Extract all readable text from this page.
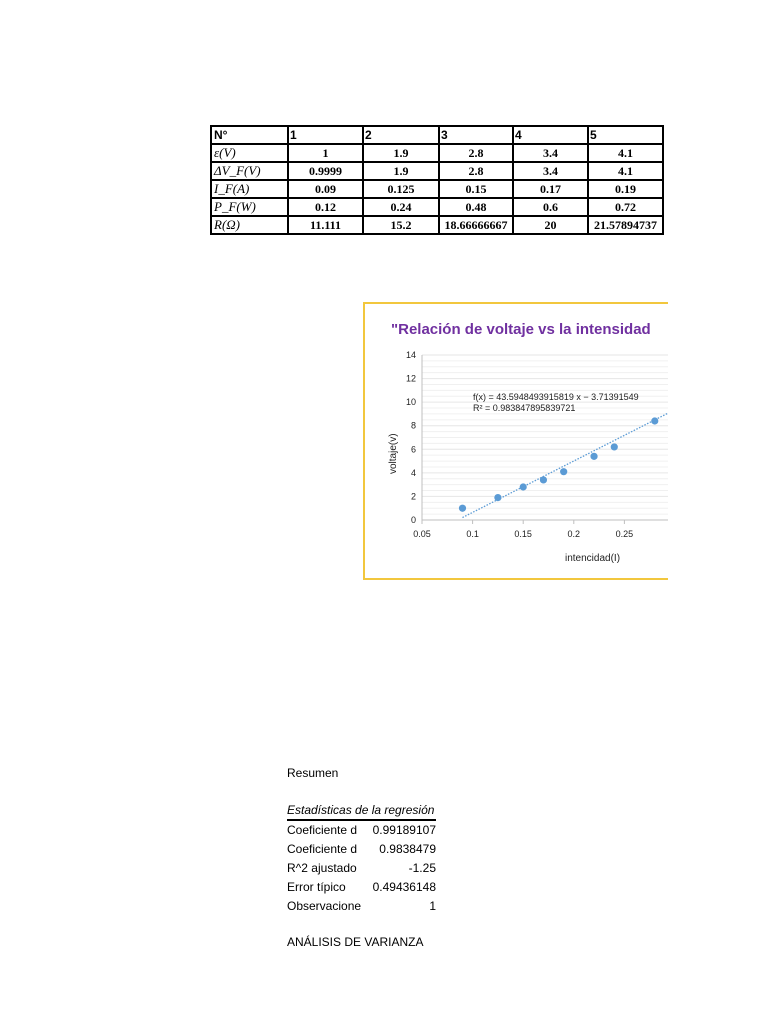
N°	1	2	3	4	5
ε(V)	1	1.9	2.8	3.4	4.1
ΔV_F(V)	0.9999	1.9	2.8	3.4	4.1
I_F(A)	0.09	0.125	0.15	0.17	0.19
P_F(W)	0.12	0.24	0.48	0.6	0.72
R(Ω)	11.111	15.2	18.66666667	20	21.57894737
"Relación de voltaje vs la intensidad
0
2
4
6
8
10
12
14
0.05	0.1	0.15	0.2	0.25
f(x) = 43.5948493915819 x − 3.71391549
R² = 0.983847895839721
intencidad(I)
voltaje(v)
Resumen
Estadísticas de la regresión
Coeficiente d	0.99189107
Coeficiente d	0.9838479
R^2 ajustado	-1.25
Error típico	0.49436148
Observacione	1
ANÁLISIS DE VARIANZA
